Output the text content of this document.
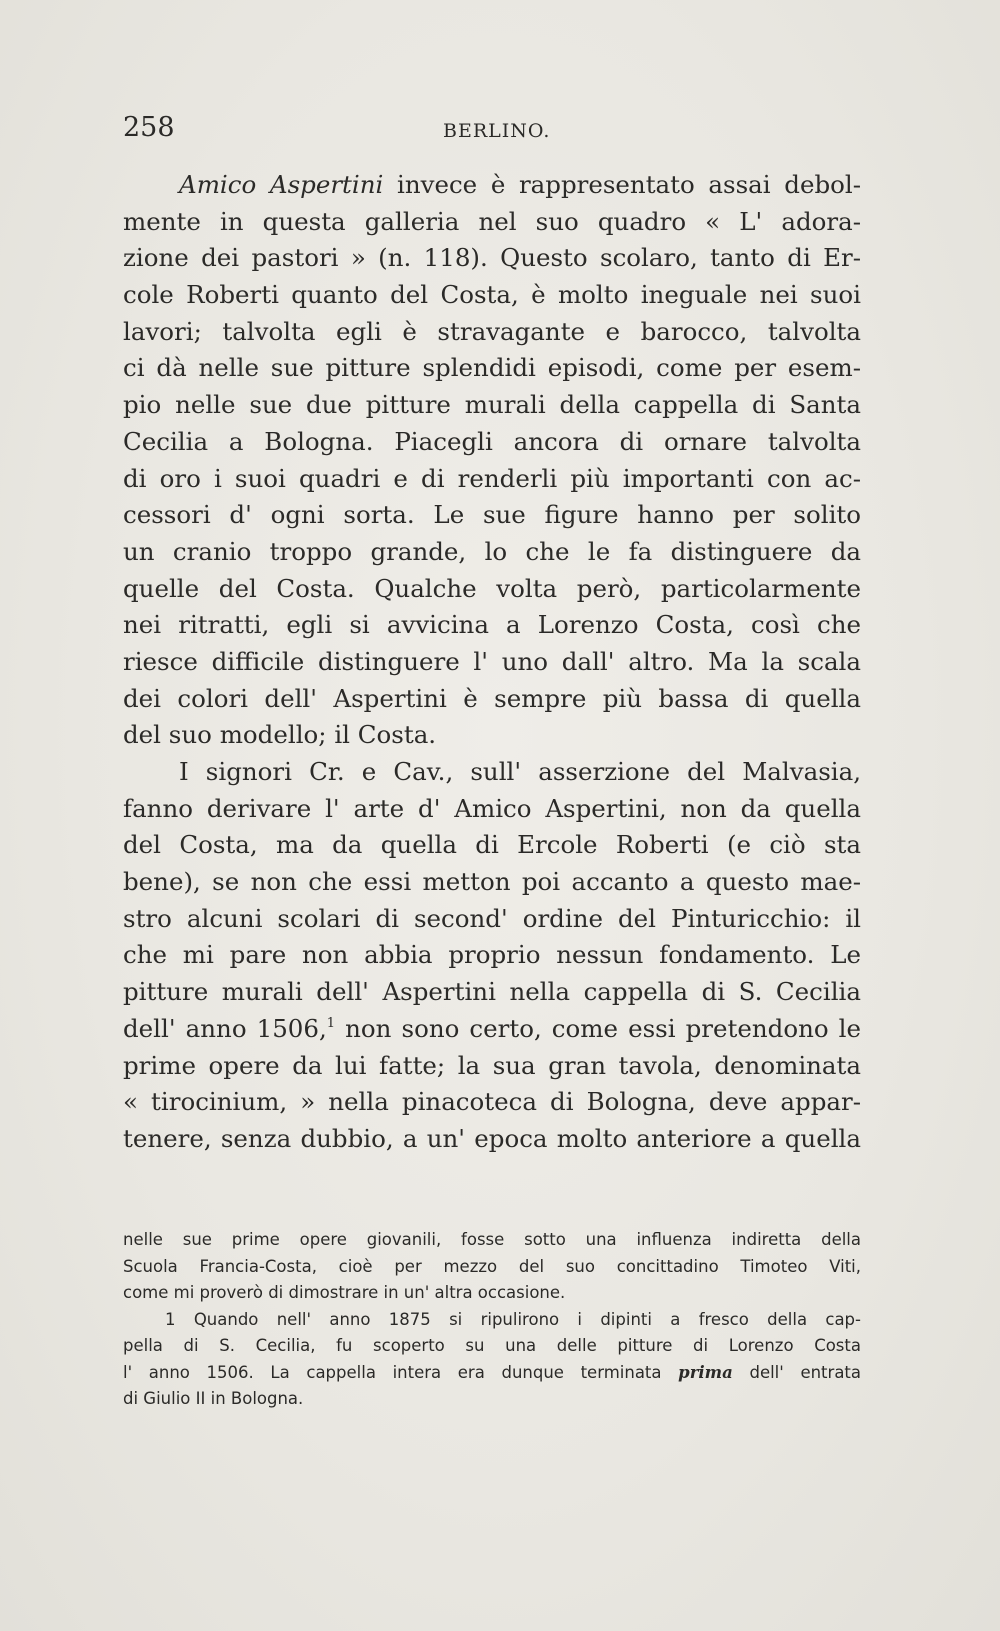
258	BERLINO.
Amico Aspertini invece è rappresentato assai debol-
mente in questa galleria nel suo quadro « L' adora-
zione dei pastori » (n. 118). Questo scolaro, tanto di Er-
cole Roberti quanto del Costa, è molto ineguale nei suoi
lavori; talvolta egli è stravagante e barocco, talvolta
ci dà nelle sue pitture splendidi episodi, come per esem-
pio nelle sue due pitture murali della cappella di Santa
Cecilia a Bologna. Piacegli ancora di ornare talvolta
di oro i suoi quadri e di renderli più importanti con ac-
cessori d' ogni sorta. Le sue figure hanno per solito
un cranio troppo grande, lo che le fa distinguere da
quelle del Costa. Qualche volta però, particolarmente
nei ritratti, egli si avvicina a Lorenzo Costa, così che
riesce difficile distinguere l' uno dall' altro. Ma la scala
dei colori dell' Aspertini è sempre più bassa di quella
del suo modello; il Costa.
I signori Cr. e Cav., sull' asserzione del Malvasia,
fanno derivare l' arte d' Amico Aspertini, non da quella
del Costa, ma da quella di Ercole Roberti (e ciò sta
bene), se non che essi metton poi accanto a questo mae-
stro alcuni scolari di second' ordine del Pinturicchio: il
che mi pare non abbia proprio nessun fondamento. Le
pitture murali dell' Aspertini nella cappella di S. Cecilia
dell' anno 1506,$^1$ non sono certo, come essi pretendono le
prime opere da lui fatte; la sua gran tavola, denominata
« tirocinium, » nella pinacoteca di Bologna, deve appar-
tenere, senza dubbio, a un' epoca molto anteriore a quella
nelle sue prime opere giovanili, fosse sotto una influenza indiretta della
Scuola Francia-Costa, cioè per mezzo del suo concittadino Timoteo Viti,
come mi proverò di dimostrare in un' altra occasione.
1 Quando nell' anno 1875 si ripulirono i dipinti a fresco della cap-
pella di S. Cecilia, fu scoperto su una delle pitture di Lorenzo Costa
l' anno 1506. La cappella intera era dunque terminata prima dell' entrata
di Giulio II in Bologna.
